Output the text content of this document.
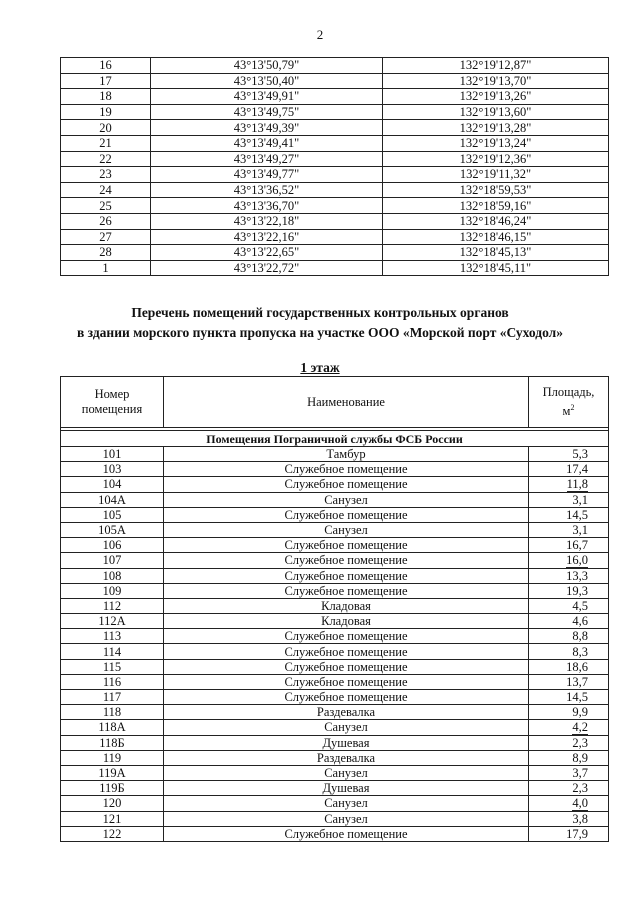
2
16	43°13'50,79"	132°19'12,87"
17	43°13'50,40"	132°19'13,70"
18	43°13'49,91"	132°19'13,26"
19	43°13'49,75"	132°19'13,60"
20	43°13'49,39"	132°19'13,28"
21	43°13'49,41"	132°19'13,24"
22	43°13'49,27"	132°19'12,36"
23	43°13'49,77"	132°19'11,32"
24	43°13'36,52"	132°18'59,53"
25	43°13'36,70"	132°18'59,16"
26	43°13'22,18"	132°18'46,24"
27	43°13'22,16"	132°18'46,15"
28	43°13'22,65"	132°18'45,13"
1	43°13'22,72"	132°18'45,11"
Перечень помещений государственных контрольных органов
в здании морского пункта пропуска на участке ООО «Морской порт «Суходол»
1 этаж
Номер
помещения	Наименование	Площадь,
$м^2$

Помещения Пограничной службы ФСБ России		
101	Тамбур	5,3
103	Служебное помещение	17,4
104	Служебное помещение	11,8
104А	Санузел	3,1
105	Служебное помещение	14,5
105А	Санузел	3,1
106	Служебное помещение	16,7
107	Служебное помещение	16,0
108	Служебное помещение	13,3
109	Служебное помещение	19,3
112	Кладовая	4,5
112А	Кладовая	4,6
113	Служебное помещение	8,8
114	Служебное помещение	8,3
115	Служебное помещение	18,6
116	Служебное помещение	13,7
117	Служебное помещение	14,5
118	Раздевалка	9,9
118А	Санузел	4,2
118Б	Душевая	2,3
119	Раздевалка	8,9
119А	Санузел	3,7
119Б	Душевая	2,3
120	Санузел	4,0
121	Санузел	3,8
122	Служебное помещение	17,9
